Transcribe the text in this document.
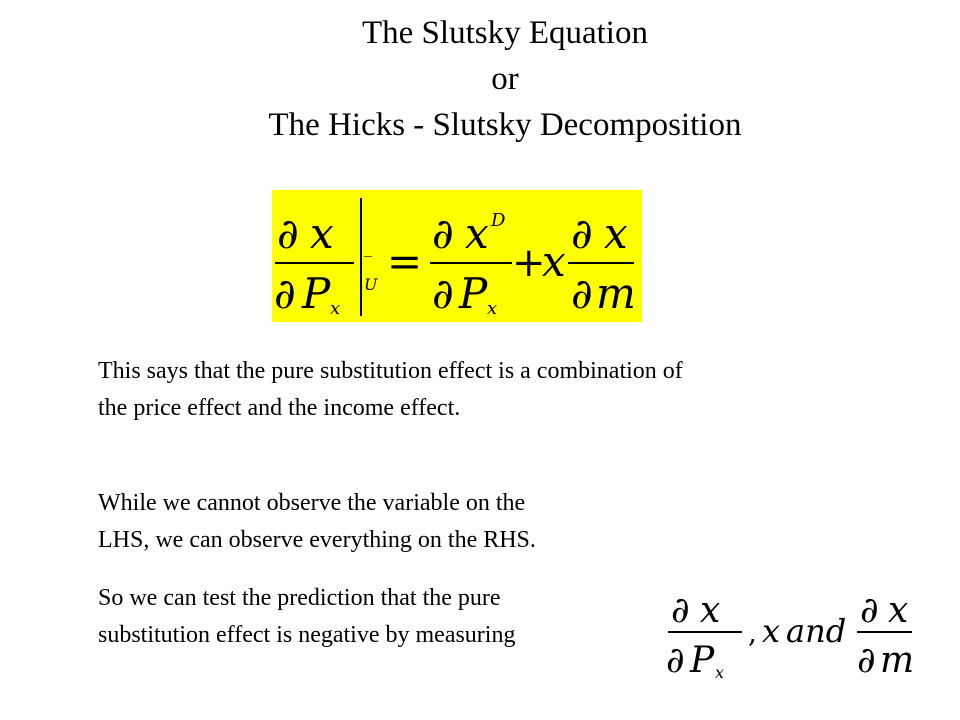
The Slutsky Equation
or
The Hicks - Slutsky Decomposition
∂ x
∂ P x
‾
U =
∂ x D
∂ P x
+
x
∂ x
∂ m
This says that the pure substitution effect is a combination of the price effect and the income effect.
While we cannot observe the variable on the
LHS, we can observe everything on the RHS.
So we can test the prediction that the pure
substitution effect is negative by measuring
∂ x
∂ P x
, x and ∂ x
∂ m
